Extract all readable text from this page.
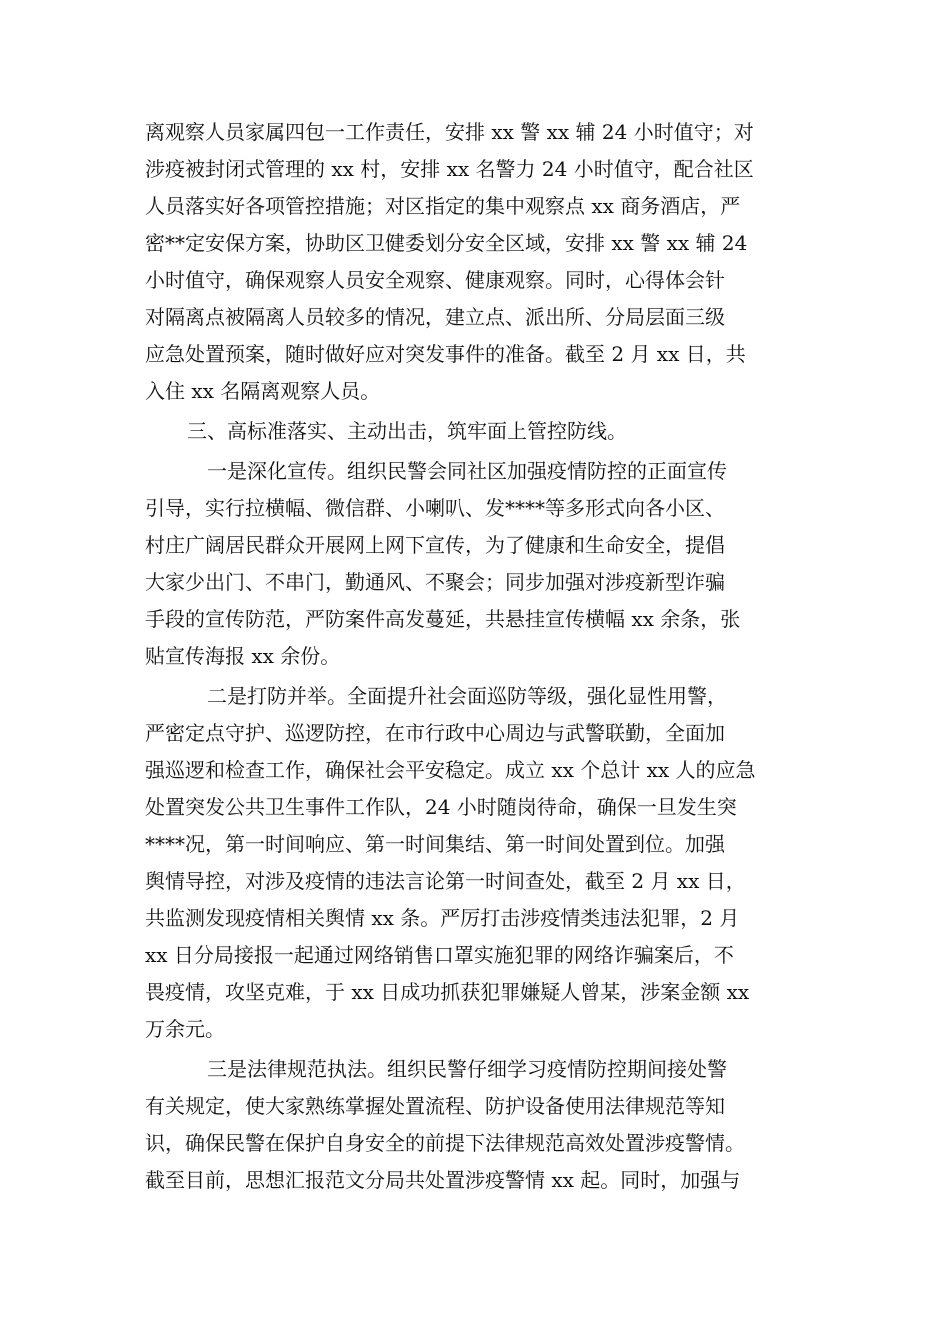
离观察人员家属四包一工作责任，安排 xx 警 xx 辅 24 小时值守；对
涉疫被封闭式管理的 xx 村，安排 xx 名警力 24 小时值守，配合社区
人员落实好各项管控措施；对区指定的集中观察点 xx 商务酒店，严
密**定安保方案，协助区卫健委划分安全区域，安排 xx 警 xx 辅 24
小时值守，确保观察人员安全观察、健康观察。同时，心得体会针
对隔离点被隔离人员较多的情况，建立点、派出所、分局层面三级
应急处置预案，随时做好应对突发事件的准备。截至 2 月 xx 日，共
入住 xx 名隔离观察人员。
三、高标准落实、主动出击，筑牢面上管控防线。
一是深化宣传。组织民警会同社区加强疫情防控的正面宣传
引导，实行拉横幅、微信群、小喇叭、发****等多形式向各小区、
村庄广阔居民群众开展网上网下宣传，为了健康和生命安全，提倡
大家少出门、不串门，勤通风、不聚会；同步加强对涉疫新型诈骗
手段的宣传防范，严防案件高发蔓延，共悬挂宣传横幅 xx 余条，张
贴宣传海报 xx 余份。
二是打防并举。全面提升社会面巡防等级，强化显性用警，
严密定点守护、巡逻防控，在市行政中心周边与武警联勤，全面加
强巡逻和检查工作，确保社会平安稳定。成立 xx 个总计 xx 人的应急
处置突发公共卫生事件工作队，24 小时随岗待命，确保一旦发生突
****况，第一时间响应、第一时间集结、第一时间处置到位。加强
舆情导控，对涉及疫情的违法言论第一时间查处，截至 2 月 xx 日，
共监测发现疫情相关舆情 xx 条。严厉打击涉疫情类违法犯罪，2 月
xx 日分局接报一起通过网络销售口罩实施犯罪的网络诈骗案后，不
畏疫情，攻坚克难，于 xx 日成功抓获犯罪嫌疑人曾某，涉案金额 xx
万余元。
三是法律规范执法。组织民警仔细学习疫情防控期间接处警
有关规定，使大家熟练掌握处置流程、防护设备使用法律规范等知
识，确保民警在保护自身安全的前提下法律规范高效处置涉疫警情。
截至目前，思想汇报范文分局共处置涉疫警情 xx 起。同时，加强与
